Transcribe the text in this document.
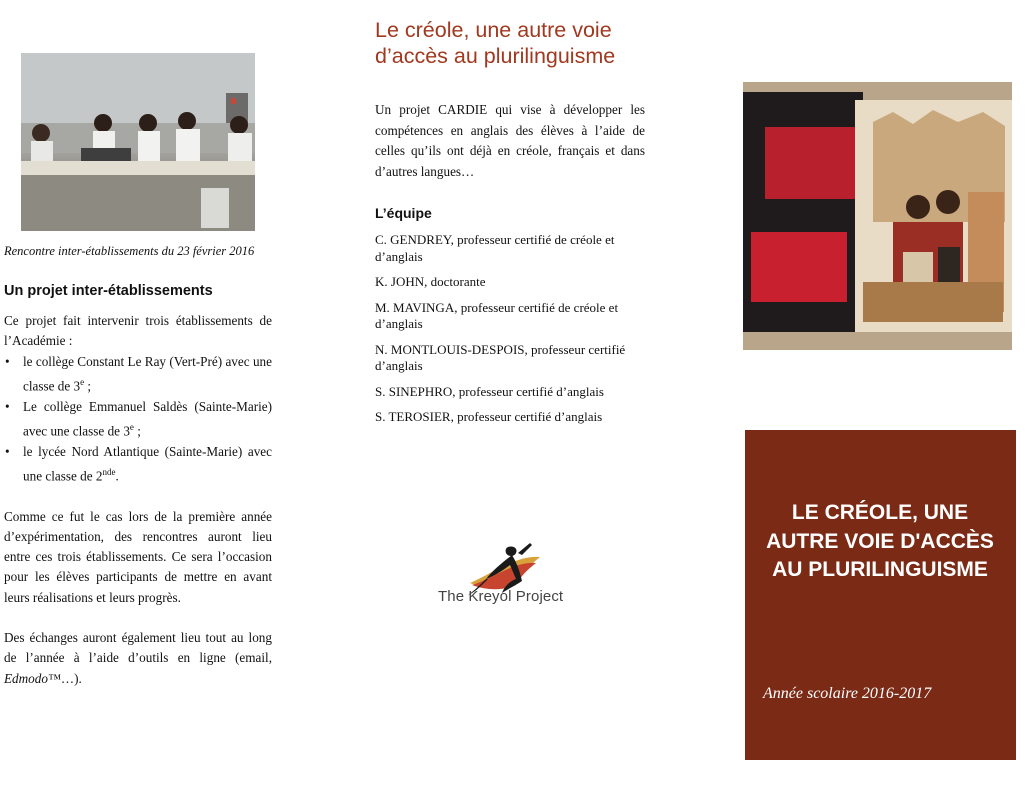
Rencontre inter-établissements du 23 février 2016
Un projet inter-établissements

Ce projet fait intervenir trois établissements de l’Académie :

• le collège Constant Le Ray (Vert-Pré) avec une classe de 3e ;
• Le collège Emmanuel Saldès (Sainte-Marie) avec une classe de 3e ;
• le lycée Nord Atlantique (Sainte-Marie) avec une classe de 2nde.

Comme ce fut le cas lors de la première année d’expérimentation, des rencontres auront lieu entre ces trois établissements. Ce sera l’occasion pour les élèves participants de mettre en avant leurs réalisations et leurs progrès.

Des échanges auront également lieu tout au long de l’année à l’aide d’outils en ligne (email, Edmodo™…).

Le créole, une autre voie d’accès au plurilinguisme
Un projet CARDIE qui vise à développer les compétences en anglais des élèves à l’aide de celles qu’ils ont déjà en créole, français et dans d’autres langues…
L’équipe
C. GENDREY, professeur certifié de créole et d’anglais
K. JOHN, doctorante
M. MAVINGA, professeur certifié de créole et d’anglais
N. MONTLOUIS-DESPOIS, professeur certifié d’anglais
S. SINEPHRO, professeur certifié d’anglais
S. TEROSIER, professeur certifié d’anglais
The Kreyol Project
LE CRÉOLE, UNE AUTRE VOIE D'ACCÈS AU PLURILINGUISME
Année scolaire 2016-2017
